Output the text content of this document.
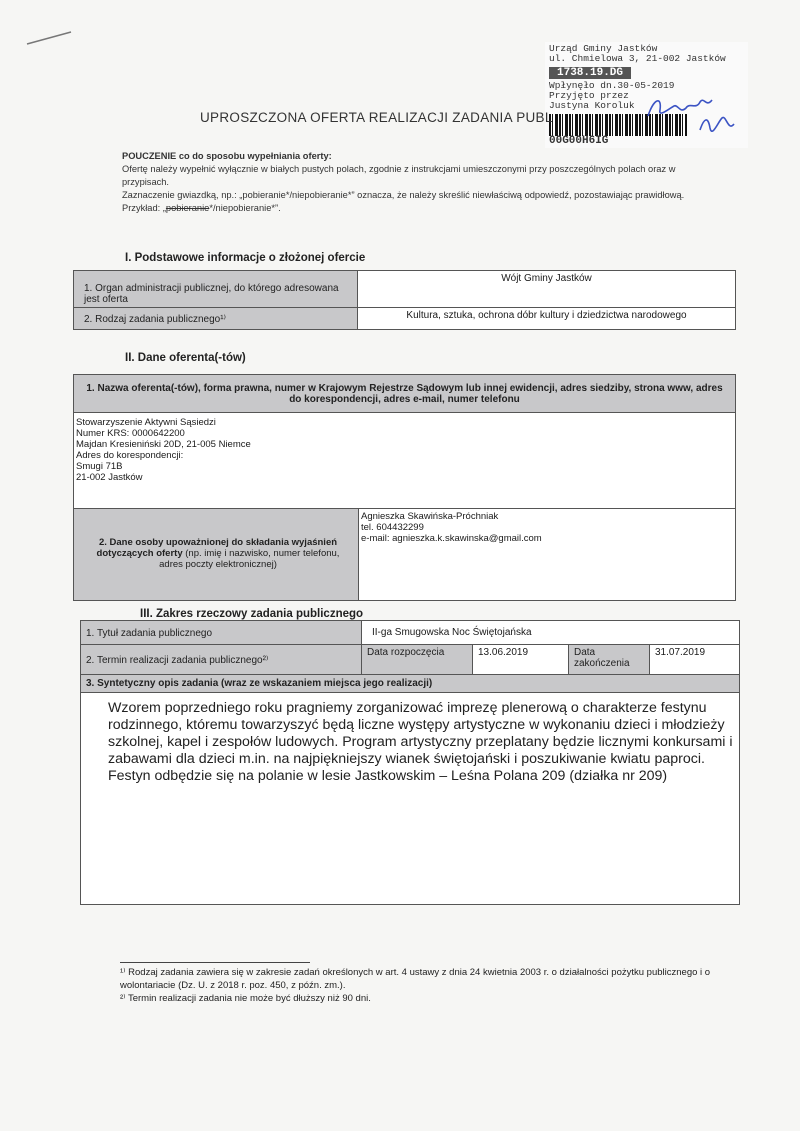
Urząd Gminy Jastków
ul. Chmielowa 3, 21-002 Jastków
1738.19.DG
Wpłynęło dn.30-05-2019
Przyjęto przez
Justyna Koroluk
00G00H6IG
UPROSZCZONA OFERTA REALIZACJI ZADANIA PUBL
POUCZENIE co do sposobu wypełniania oferty:
Ofertę należy wypełnić wyłącznie w białych pustych polach, zgodnie z instrukcjami umieszczonymi przy poszczególnych polach oraz w przypisach.
Zaznaczenie gwiazdką, np.: „pobieranie*/niepobieranie*” oznacza, że należy skreślić niewłaściwą odpowiedź, pozostawiając prawidłową. Przykład: „pobieranie*/niepobieranie*”.
I. Podstawowe informacje o złożonej ofercie
1. Organ administracji publicznej, do którego adresowana jest oferta	Wójt Gminy Jastków
2. Rodzaj zadania publicznego¹⁾	Kultura, sztuka, ochrona dóbr kultury i dziedzictwa narodowego
II. Dane oferenta(-tów)
1. Nazwa oferenta(-tów), forma prawna, numer w Krajowym Rejestrze Sądowym lub innej ewidencji, adres siedziby, strona www, adres do korespondencji, adres e-mail, numer telefonu

Stowarzyszenie Aktywni Sąsiedzi
Numer KRS: 0000642200
Majdan Kresieniński 20D, 21-005 Niemce
Adres do korespondencji:
Smugi 71B
21-002 Jastków

2. Dane osoby upoważnionej do składania wyjaśnień dotyczących oferty (np. imię i nazwisko, numer telefonu, adres poczty elektronicznej)	
Agnieszka Skawińska-Próchniak
tel. 604432299
e-mail: agnieszka.k.skawinska@gmail.com
III. Zakres rzeczowy zadania publicznego
1. Tytuł zadania publicznego	II-ga Smugowska Noc Świętojańska			
2. Termin realizacji zadania publicznego²⁾	Data rozpoczęcia	13.06.2019	Data zakończenia	31.07.2019
3. Syntetyczny opis zadania (wraz ze wskazaniem miejsca jego realizacji)				

Wzorem poprzedniego roku pragniemy zorganizować imprezę plenerową o charakterze festynu rodzinnego, któremu towarzyszyć będą liczne występy artystyczne w wykonaniu dzieci i młodzieży szkolnej, kapel i zespołów ludowych. Program artystyczny przeplatany będzie licznymi konkursami i zabawami dla dzieci m.in. na najpiękniejszy wianek świętojański i poszukiwanie kwiatu paproci. Festyn odbędzie się na polanie w lesie Jastkowskim – Leśna Polana 209 (działka nr 209)
¹⁾ Rodzaj zadania zawiera się w zakresie zadań określonych w art. 4 ustawy z dnia 24 kwietnia 2003 r. o działalności pożytku publicznego i o wolontariacie (Dz. U. z 2018 r. poz. 450, z późn. zm.).
²⁾ Termin realizacji zadania nie może być dłuższy niż 90 dni.
